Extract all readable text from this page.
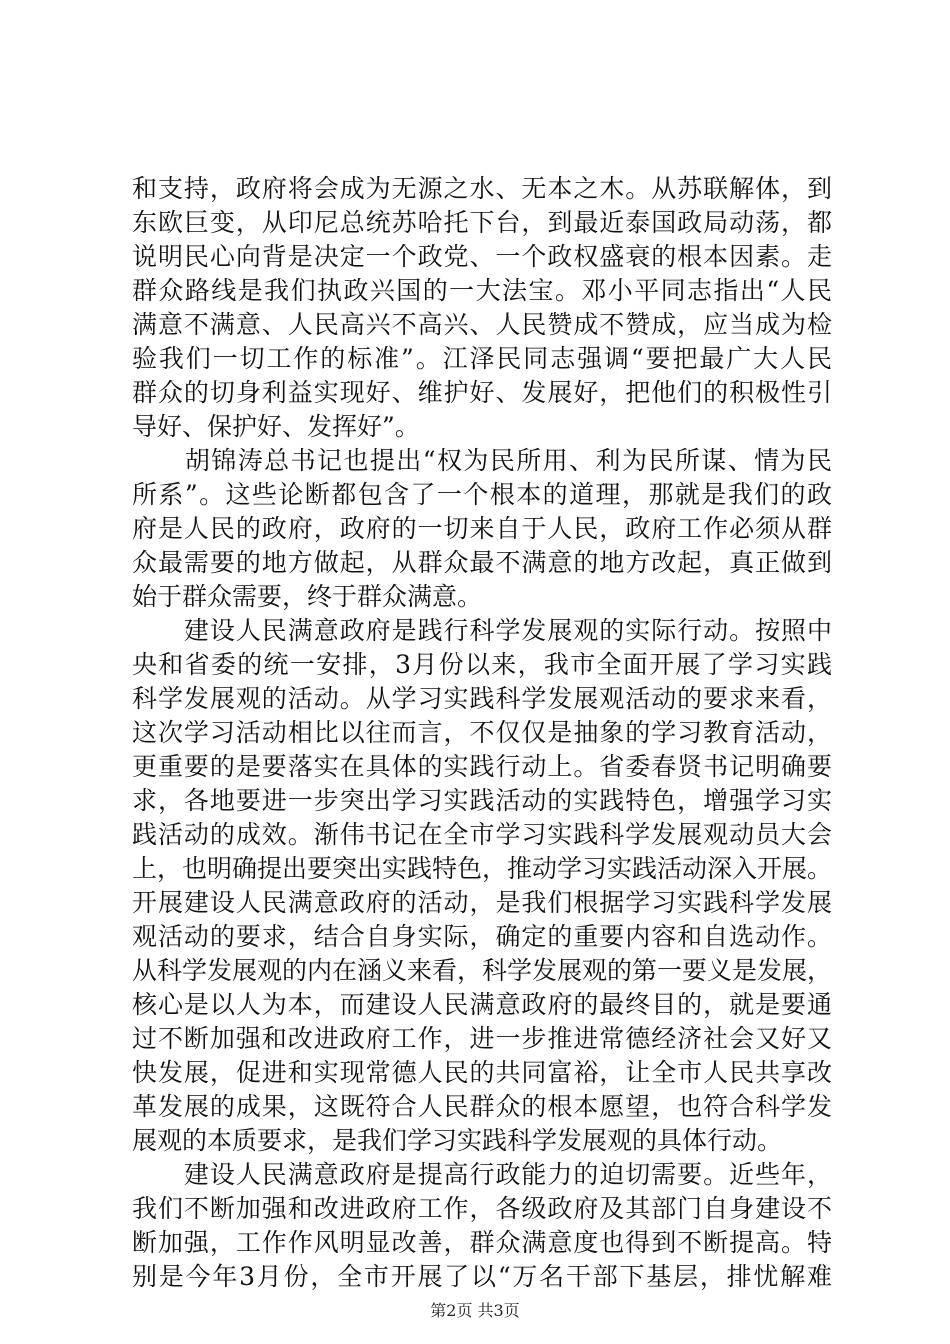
和支持，政府将会成为无源之水、无本之木。从苏联解体，到
东欧巨变，从印尼总统苏哈托下台，到最近泰国政局动荡，都
说明民心向背是决定一个政党、一个政权盛衰的根本因素。走
群众路线是我们执政兴国的一大法宝。邓小平同志指出“人民
满意不满意、人民高兴不高兴、人民赞成不赞成，应当成为检
验我们一切工作的标准”。江泽民同志强调“要把最广大人民
群众的切身利益实现好、维护好、发展好，把他们的积极性引
导好、保护好、发挥好”。
　　胡锦涛总书记也提出“权为民所用、利为民所谋、情为民
所系”。这些论断都包含了一个根本的道理，那就是我们的政
府是人民的政府，政府的一切来自于人民，政府工作必须从群
众最需要的地方做起，从群众最不满意的地方改起，真正做到
始于群众需要，终于群众满意。
　　建设人民满意政府是践行科学发展观的实际行动。按照中
央和省委的统一安排，3月份以来，我市全面开展了学习实践
科学发展观的活动。从学习实践科学发展观活动的要求来看，
这次学习活动相比以往而言，不仅仅是抽象的学习教育活动，
更重要的是要落实在具体的实践行动上。省委春贤书记明确要
求，各地要进一步突出学习实践活动的实践特色，增强学习实
践活动的成效。渐伟书记在全市学习实践科学发展观动员大会
上，也明确提出要突出实践特色，推动学习实践活动深入开展。
开展建设人民满意政府的活动，是我们根据学习实践科学发展
观活动的要求，结合自身实际，确定的重要内容和自选动作。
从科学发展观的内在涵义来看，科学发展观的第一要义是发展，
核心是以人为本，而建设人民满意政府的最终目的，就是要通
过不断加强和改进政府工作，进一步推进常德经济社会又好又
快发展，促进和实现常德人民的共同富裕，让全市人民共享改
革发展的成果，这既符合人民群众的根本愿望，也符合科学发
展观的本质要求，是我们学习实践科学发展观的具体行动。
　　建设人民满意政府是提高行政能力的迫切需要。近些年，
我们不断加强和改进政府工作，各级政府及其部门自身建设不
断加强，工作作风明显改善，群众满意度也得到不断提高。特
别是今年3月份，全市开展了以“万名干部下基层，排忧解难
第2页 共3页
